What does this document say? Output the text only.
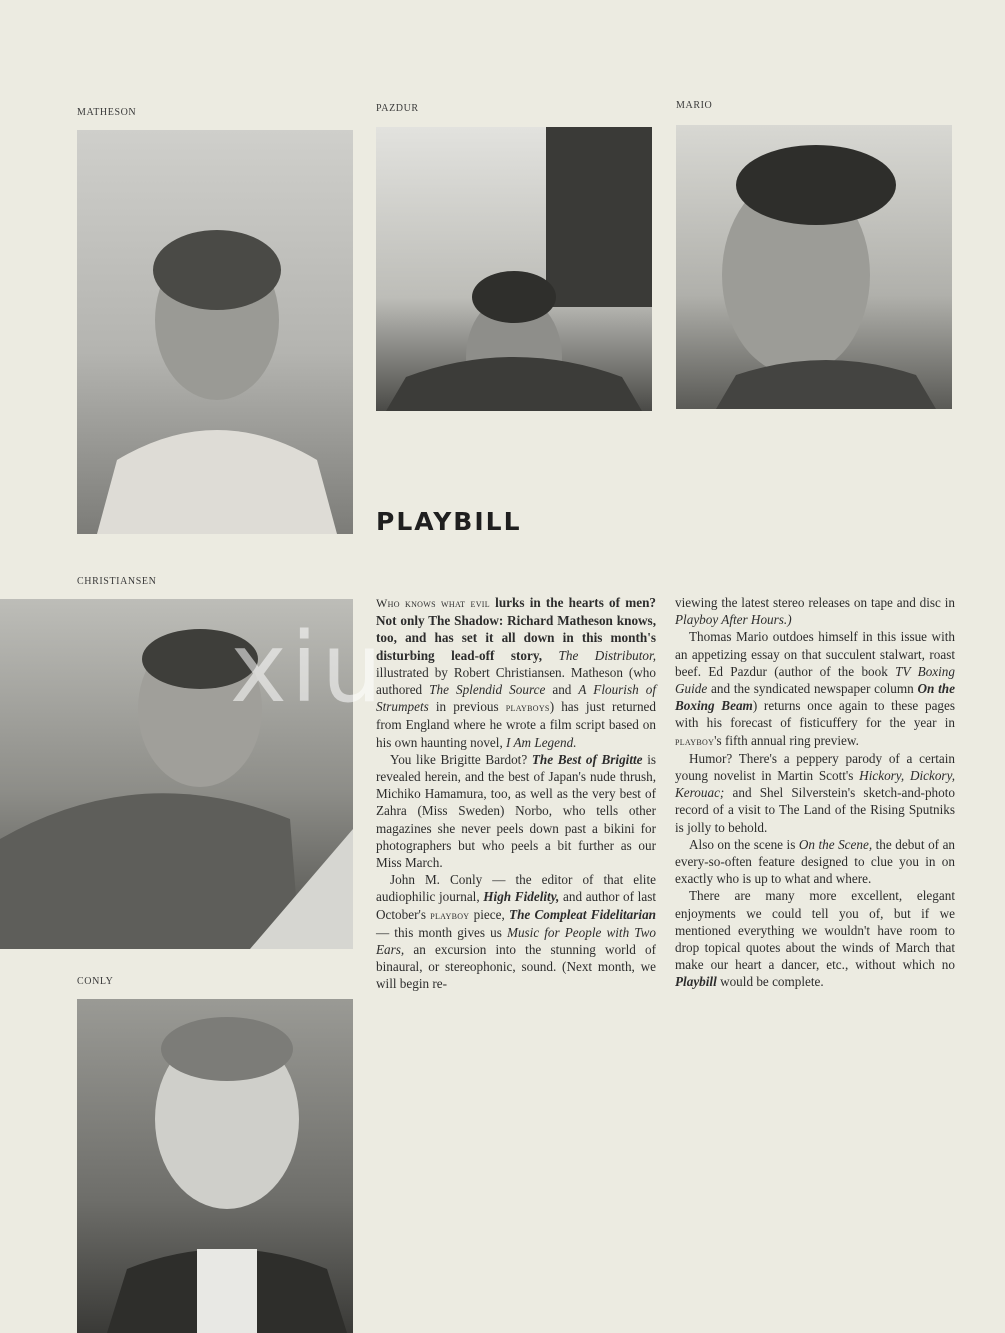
MATHESON	PAZDUR	MARIO
CHRISTIANSEN
CONLY
PLAYBILL

Who knows what evil lurks in the hearts of men? Not only The Shadow: Richard Matheson knows, too, and has set it all down in this month's disturbing lead-off story, The Distributor, illustrated by Robert Christiansen. Matheson (who authored The Splendid Source and A Flourish of Strumpets in previous playboys) has just returned from England where he wrote a film script based on his own haunting novel, I Am Legend.

You like Brigitte Bardot? The Best of Brigitte is revealed herein, and the best of Japan's nude thrush, Michiko Hamamura, too, as well as the very best of Zahra (Miss Sweden) Norbo, who tells other magazines she never peels down past a bikini for photographers but who peels a bit further as our Miss March.

John M. Conly — the editor of that elite audiophilic journal, High Fidelity, and author of last October's playboy piece, The Compleat Fidelitarian — this month gives us Music for People with Two Ears, an excursion into the stunning world of binaural, or stereophonic, sound. (Next month, we will begin re-

viewing the latest stereo releases on tape and disc in Playboy After Hours.)

Thomas Mario outdoes himself in this issue with an appetizing essay on that succulent stalwart, roast beef. Ed Pazdur (author of the book TV Boxing Guide and the syndicated newspaper column On the Boxing Beam) returns once again to these pages with his forecast of fisticuffery for the year in playboy's fifth annual ring preview.

Humor? There's a peppery parody of a certain young novelist in Martin Scott's Hickory, Dickory, Kerouac; and Shel Silverstein's sketch-and-photo record of a visit to The Land of the Rising Sputniks is jolly to behold.

Also on the scene is On the Scene, the debut of an every-so-often feature designed to clue you in on exactly who is up to what and where.

There are many more excellent, elegant enjoyments we could tell you of, but if we mentioned everything we wouldn't have room to drop topical quotes about the winds of March that make our heart a dancer, etc., without which no Playbill would be complete.

xiu
